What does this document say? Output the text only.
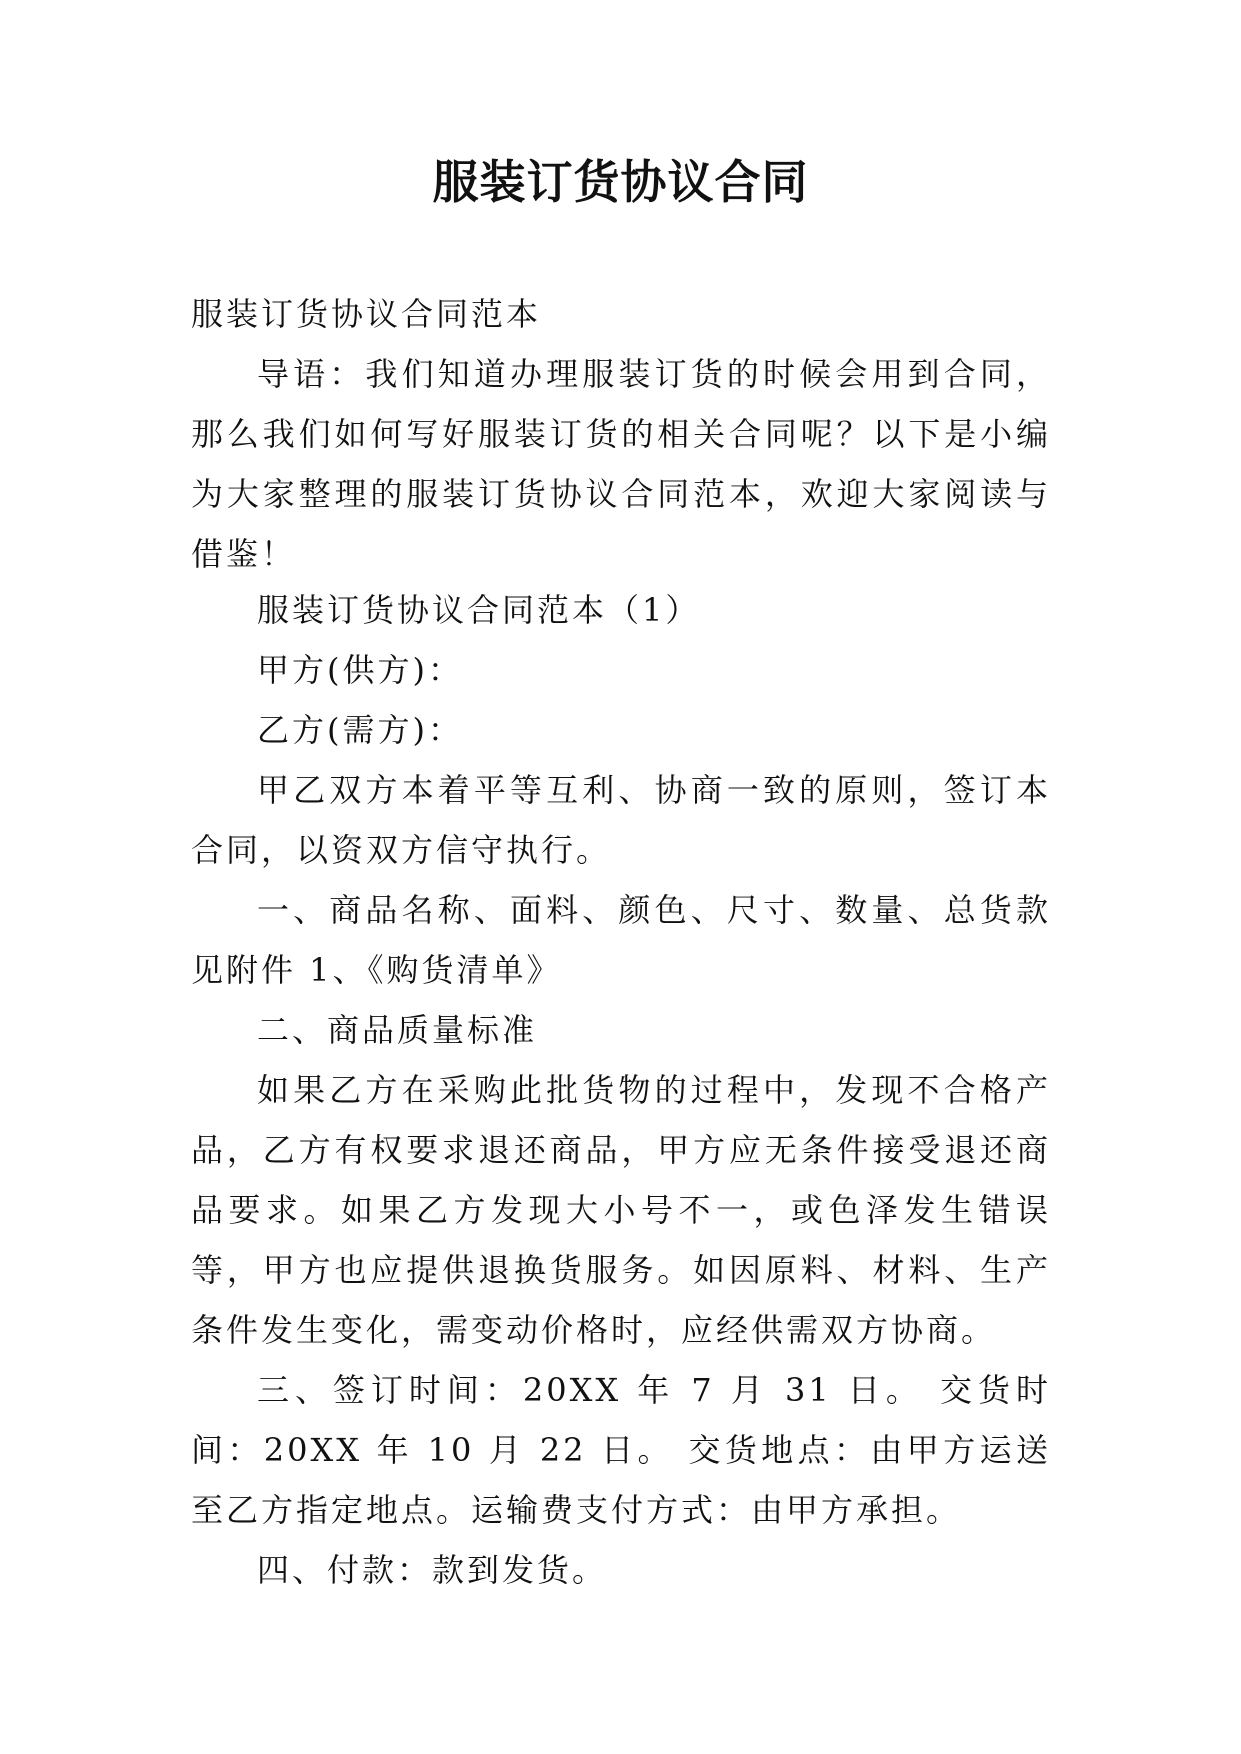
服装订货协议合同

服装订货协议合同范本

导语：我们知道办理服装订货的时候会用到合同，那么我们如何写好服装订货的相关合同呢？以下是小编为大家整理的服装订货协议合同范本，欢迎大家阅读与借鉴！

服装订货协议合同范本（1）

甲方(供方)：

乙方(需方)：

甲乙双方本着平等互利、协商一致的原则，签订本合同，以资双方信守执行。

一、商品名称、面料、颜色、尺寸、数量、总货款 见附件 1、《购货清单》

二、商品质量标准

如果乙方在采购此批货物的过程中，发现不合格产品，乙方有权要求退还商品，甲方应无条件接受退还商品要求。如果乙方发现大小号不一，或色泽发生错误等，甲方也应提供退换货服务。如因原料、材料、生产条件发生变化，需变动价格时，应经供需双方协商。

三、签订时间：20XX 年 7 月 31 日。 交货时间：20XX 年 10 月 22 日。 交货地点：由甲方运送至乙方指定地点。运输费支付方式：由甲方承担。

四、付款：款到发货。
